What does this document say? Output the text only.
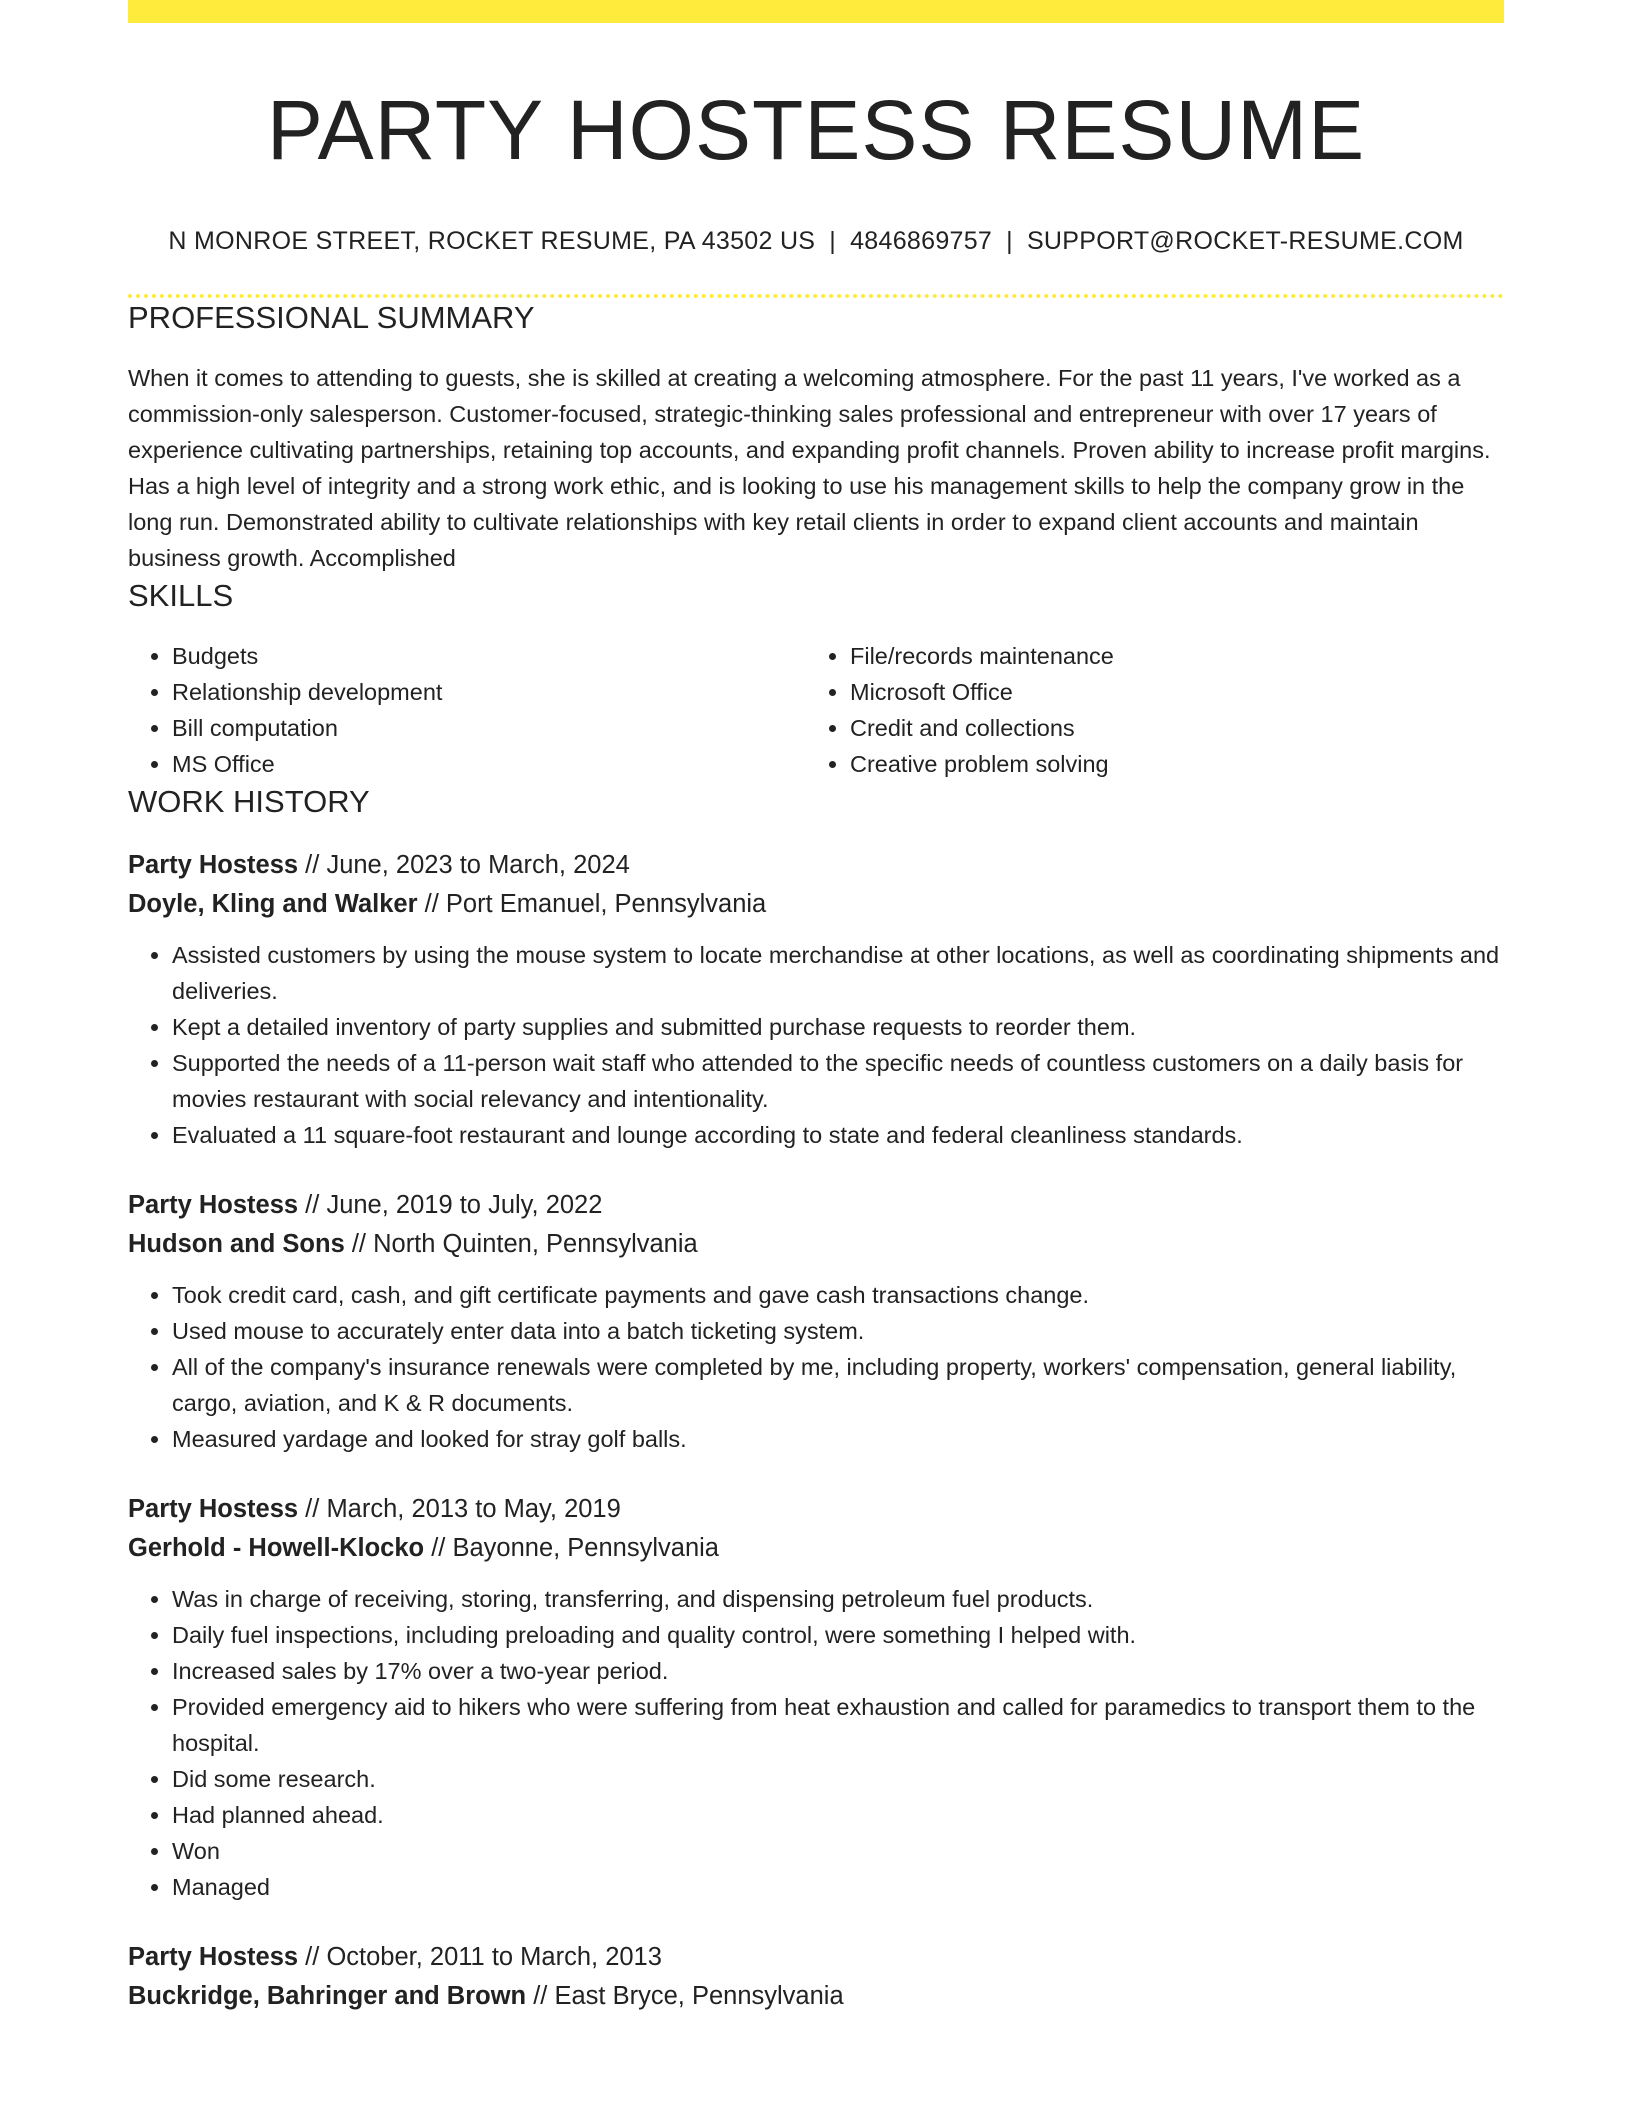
PARTY HOSTESS RESUME
N MONROE STREET, ROCKET RESUME, PA 43502 US | 4846869757 | SUPPORT@ROCKET-RESUME.COM
PROFESSIONAL SUMMARY

When it comes to attending to guests, she is skilled at creating a welcoming atmosphere. For the past 11 years, I've worked as a commission-only salesperson. Customer-focused, strategic-thinking sales professional and entrepreneur with over 17 years of experience cultivating partnerships, retaining top accounts, and expanding profit channels. Proven ability to increase profit margins. Has a high level of integrity and a strong work ethic, and is looking to use his management skills to help the company grow in the long run. Demonstrated ability to cultivate relationships with key retail clients in order to expand client accounts and maintain business growth. Accomplished

SKILLS
• Budgets
• Relationship development
• Bill computation
• MS Office
• File/records maintenance
• Microsoft Office
• Credit and collections
• Creative problem solving
WORK HISTORY
Party Hostess // June, 2023 to March, 2024
Doyle, Kling and Walker // Port Emanuel, Pennsylvania
• Assisted customers by using the mouse system to locate merchandise at other locations, as well as coordinating shipments and deliveries.
• Kept a detailed inventory of party supplies and submitted purchase requests to reorder them.
• Supported the needs of a 11-person wait staff who attended to the specific needs of countless customers on a daily basis for movies restaurant with social relevancy and intentionality.
• Evaluated a 11 square-foot restaurant and lounge according to state and federal cleanliness standards.
Party Hostess // June, 2019 to July, 2022
Hudson and Sons // North Quinten, Pennsylvania
• Took credit card, cash, and gift certificate payments and gave cash transactions change.
• Used mouse to accurately enter data into a batch ticketing system.
• All of the company's insurance renewals were completed by me, including property, workers' compensation, general liability, cargo, aviation, and K & R documents.
• Measured yardage and looked for stray golf balls.
Party Hostess // March, 2013 to May, 2019
Gerhold - Howell-Klocko // Bayonne, Pennsylvania
• Was in charge of receiving, storing, transferring, and dispensing petroleum fuel products.
• Daily fuel inspections, including preloading and quality control, were something I helped with.
• Increased sales by 17% over a two-year period.
• Provided emergency aid to hikers who were suffering from heat exhaustion and called for paramedics to transport them to the hospital.
• Did some research.
• Had planned ahead.
• Won
• Managed
Party Hostess // October, 2011 to March, 2013
Buckridge, Bahringer and Brown // East Bryce, Pennsylvania
